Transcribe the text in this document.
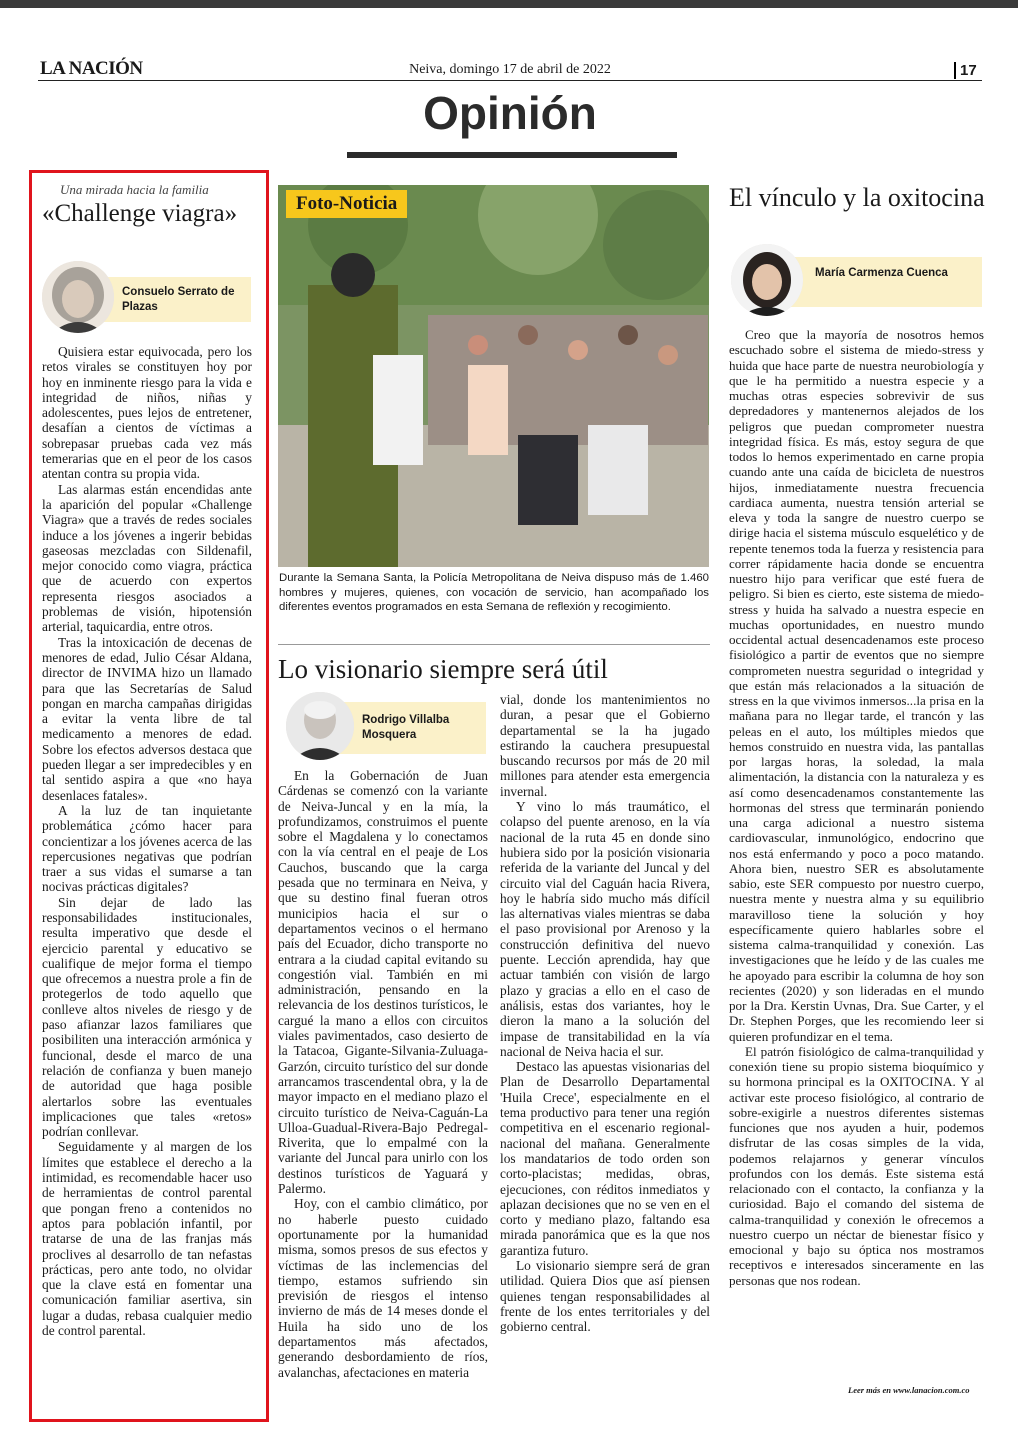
LA NACIÓN	Neiva, domingo 17 de abril de 2022	17
Opinión
Una mirada hacia la familia
«Challenge viagra»
Consuelo Serrato de Plazas

Quisiera estar equivocada, pero los retos virales se constituyen hoy por hoy en inminente riesgo para la vida e integridad de niños, niñas y adolescentes, pues lejos de entretener, desafían a cientos de víctimas a sobrepasar pruebas cada vez más temerarias que en el peor de los casos atentan contra su propia vida.

Las alarmas están encendidas ante la aparición del popular «Challenge Viagra» que a través de redes sociales induce a los jóvenes a ingerir bebidas gaseosas mezcladas con Sildenafil, mejor conocido como viagra, práctica que de acuerdo con expertos representa riesgos asociados a problemas de visión, hipotensión arterial, taquicardia, entre otros.

Tras la intoxicación de decenas de menores de edad, Julio César Aldana, director de INVIMA hizo un llamado para que las Secretarías de Salud pongan en marcha campañas dirigidas a evitar la venta libre de tal medicamento a menores de edad. Sobre los efectos adversos destaca que pueden llegar a ser impredecibles y en tal sentido aspira a que «no haya desenlaces fatales».

A la luz de tan inquietante problemática ¿cómo hacer para concientizar a los jóvenes acerca de las repercusiones negativas que podrían traer a sus vidas el sumarse a tan nocivas prácticas digitales?

Sin dejar de lado las responsabilidades institucionales, resulta imperativo que desde el ejercicio parental y educativo se cualifique de mejor forma el tiempo que ofrecemos a nuestra prole a fin de protegerlos de todo aquello que conlleve altos niveles de riesgo y de paso afianzar lazos familiares que posibiliten una interacción armónica y funcional, desde el marco de una relación de confianza y buen manejo de autoridad que haga posible alertarlos sobre las eventuales implicaciones que tales «retos» podrían conllevar.

Seguidamente y al margen de los límites que establece el derecho a la intimidad, es recomendable hacer uso de herramientas de control parental que pongan freno a contenidos no aptos para población infantil, por tratarse de una de las franjas más proclives al desarrollo de tan nefastas prácticas, pero ante todo, no olvidar que la clave está en fomentar una comunicación familiar asertiva, sin lugar a dudas, rebasa cualquier medio de control parental.

Foto-Noticia
Durante la Semana Santa, la Policía Metropolitana de Neiva dispuso más de 1.460 hombres y mujeres, quienes, con vocación de servicio, han acompañado los diferentes eventos programados en esta Semana de reflexión y recogimiento.
Lo visionario siempre será útil
Rodrigo Villalba Mosquera

En la Gobernación de Juan Cárdenas se comenzó con la variante de Neiva-Juncal y en la mía, la profundizamos, construimos el puente sobre el Magdalena y lo conectamos con la vía central en el peaje de Los Cauchos, buscando que la carga pesada que no terminara en Neiva, y que su destino final fueran otros municipios hacia el sur o departamentos vecinos o el hermano país del Ecuador, dicho transporte no entrara a la ciudad capital evitando su congestión vial. También en mi administración, pensando en la relevancia de los destinos turísticos, le cargué la mano a ellos con circuitos viales pavimentados, caso desierto de la Tatacoa, Gigante-Silvania-Zuluaga-Garzón, circuito turístico del sur donde arrancamos trascendental obra, y la de mayor impacto en el mediano plazo el circuito turístico de Neiva-Caguán-La Ulloa-Guadual-Rivera-Bajo Pedregal-Riverita, que lo empalmé con la variante del Juncal para unirlo con los destinos turísticos de Yaguará y Palermo.

Hoy, con el cambio climático, por no haberle puesto cuidado oportunamente por la humanidad misma, somos presos de sus efectos y víctimas de las inclemencias del tiempo, estamos sufriendo sin previsión de riesgos el intenso invierno de más de 14 meses donde el Huila ha sido uno de los departamentos más afectados, generando desbordamiento de ríos, avalanchas, afectaciones en materia

vial, donde los mantenimientos no duran, a pesar que el Gobierno departamental se la ha jugado estirando la cauchera presupuestal buscando recursos por más de 20 mil millones para atender esta emergencia invernal.

Y vino lo más traumático, el colapso del puente arenoso, en la vía nacional de la ruta 45 en donde sino hubiera sido por la posición visionaria referida de la variante del Juncal y del circuito vial del Caguán hacia Rivera, hoy le habría sido mucho más difícil las alternativas viales mientras se daba el paso provisional por Arenoso y la construcción definitiva del nuevo puente. Lección aprendida, hay que actuar también con visión de largo plazo y gracias a ello en el caso de análisis, estas dos variantes, hoy le dieron la mano a la solución del impase de transitabilidad en la vía nacional de Neiva hacia el sur.

Destaco las apuestas visionarias del Plan de Desarrollo Departamental 'Huila Crece', especialmente en el tema productivo para tener una región competitiva en el escenario regional-nacional del mañana. Generalmente los mandatarios de todo orden son corto-placistas; medidas, obras, ejecuciones, con réditos inmediatos y aplazan decisiones que no se ven en el corto y mediano plazo, faltando esa mirada panorámica que es la que nos garantiza futuro.

Lo visionario siempre será de gran utilidad. Quiera Dios que así piensen quienes tengan responsabilidades al frente de los entes territoriales y del gobierno central.

El vínculo y la oxitocina
María Carmenza Cuenca

Creo que la mayoría de nosotros hemos escuchado sobre el sistema de miedo-stress y huida que hace parte de nuestra neurobiología y que le ha permitido a nuestra especie y a muchas otras especies sobrevivir de sus depredadores y mantenernos alejados de los peligros que puedan comprometer nuestra integridad física. Es más, estoy segura de que todos lo hemos experimentado en carne propia cuando ante una caída de bicicleta de nuestros hijos, inmediatamente nuestra frecuencia cardiaca aumenta, nuestra tensión arterial se eleva y toda la sangre de nuestro cuerpo se dirige hacia el sistema músculo esquelético y de repente tenemos toda la fuerza y resistencia para correr rápidamente hacia donde se encuentra nuestro hijo para verificar que esté fuera de peligro. Si bien es cierto, este sistema de miedo-stress y huida ha salvado a nuestra especie en muchas oportunidades, en nuestro mundo occidental actual desencadenamos este proceso fisiológico a partir de eventos que no siempre comprometen nuestra seguridad o integridad y que están más relacionados a la situación de stress en la que vivimos inmersos...la prisa en la mañana para no llegar tarde, el trancón y las peleas en el auto, los múltiples miedos que hemos construido en nuestra vida, las pantallas por largas horas, la soledad, la mala alimentación, la distancia con la naturaleza y es así como desencadenamos constantemente las hormonas del stress que terminarán poniendo una carga adicional a nuestro sistema cardiovascular, inmunológico, endocrino que nos está enfermando y poco a poco matando. Ahora bien, nuestro SER es absolutamente sabio, este SER compuesto por nuestro cuerpo, nuestra mente y nuestra alma y su equilibrio maravilloso tiene la solución y hoy específicamente quiero hablarles sobre el sistema calma-tranquilidad y conexión. Las investigaciones que he leído y de las cuales me he apoyado para escribir la columna de hoy son recientes (2020) y son lideradas en el mundo por la Dra. Kerstin Uvnas, Dra. Sue Carter, y el Dr. Stephen Porges, que les recomiendo leer si quieren profundizar en el tema.

El patrón fisiológico de calma-tranquilidad y conexión tiene su propio sistema bioquímico y su hormona principal es la OXITOCINA. Y al activar este proceso fisiológico, al contrario de sobre-exigirle a nuestros diferentes sistemas funciones que nos ayuden a huir, podemos disfrutar de las cosas simples de la vida, podemos relajarnos y generar vínculos profundos con los demás. Este sistema está relacionado con el contacto, la confianza y la curiosidad. Bajo el comando del sistema de calma-tranquilidad y conexión le ofrecemos a nuestro cuerpo un néctar de bienestar físico y emocional y bajo su óptica nos mostramos receptivos e interesados sinceramente en las personas que nos rodean.

Leer más en www.lanacion.com.co
